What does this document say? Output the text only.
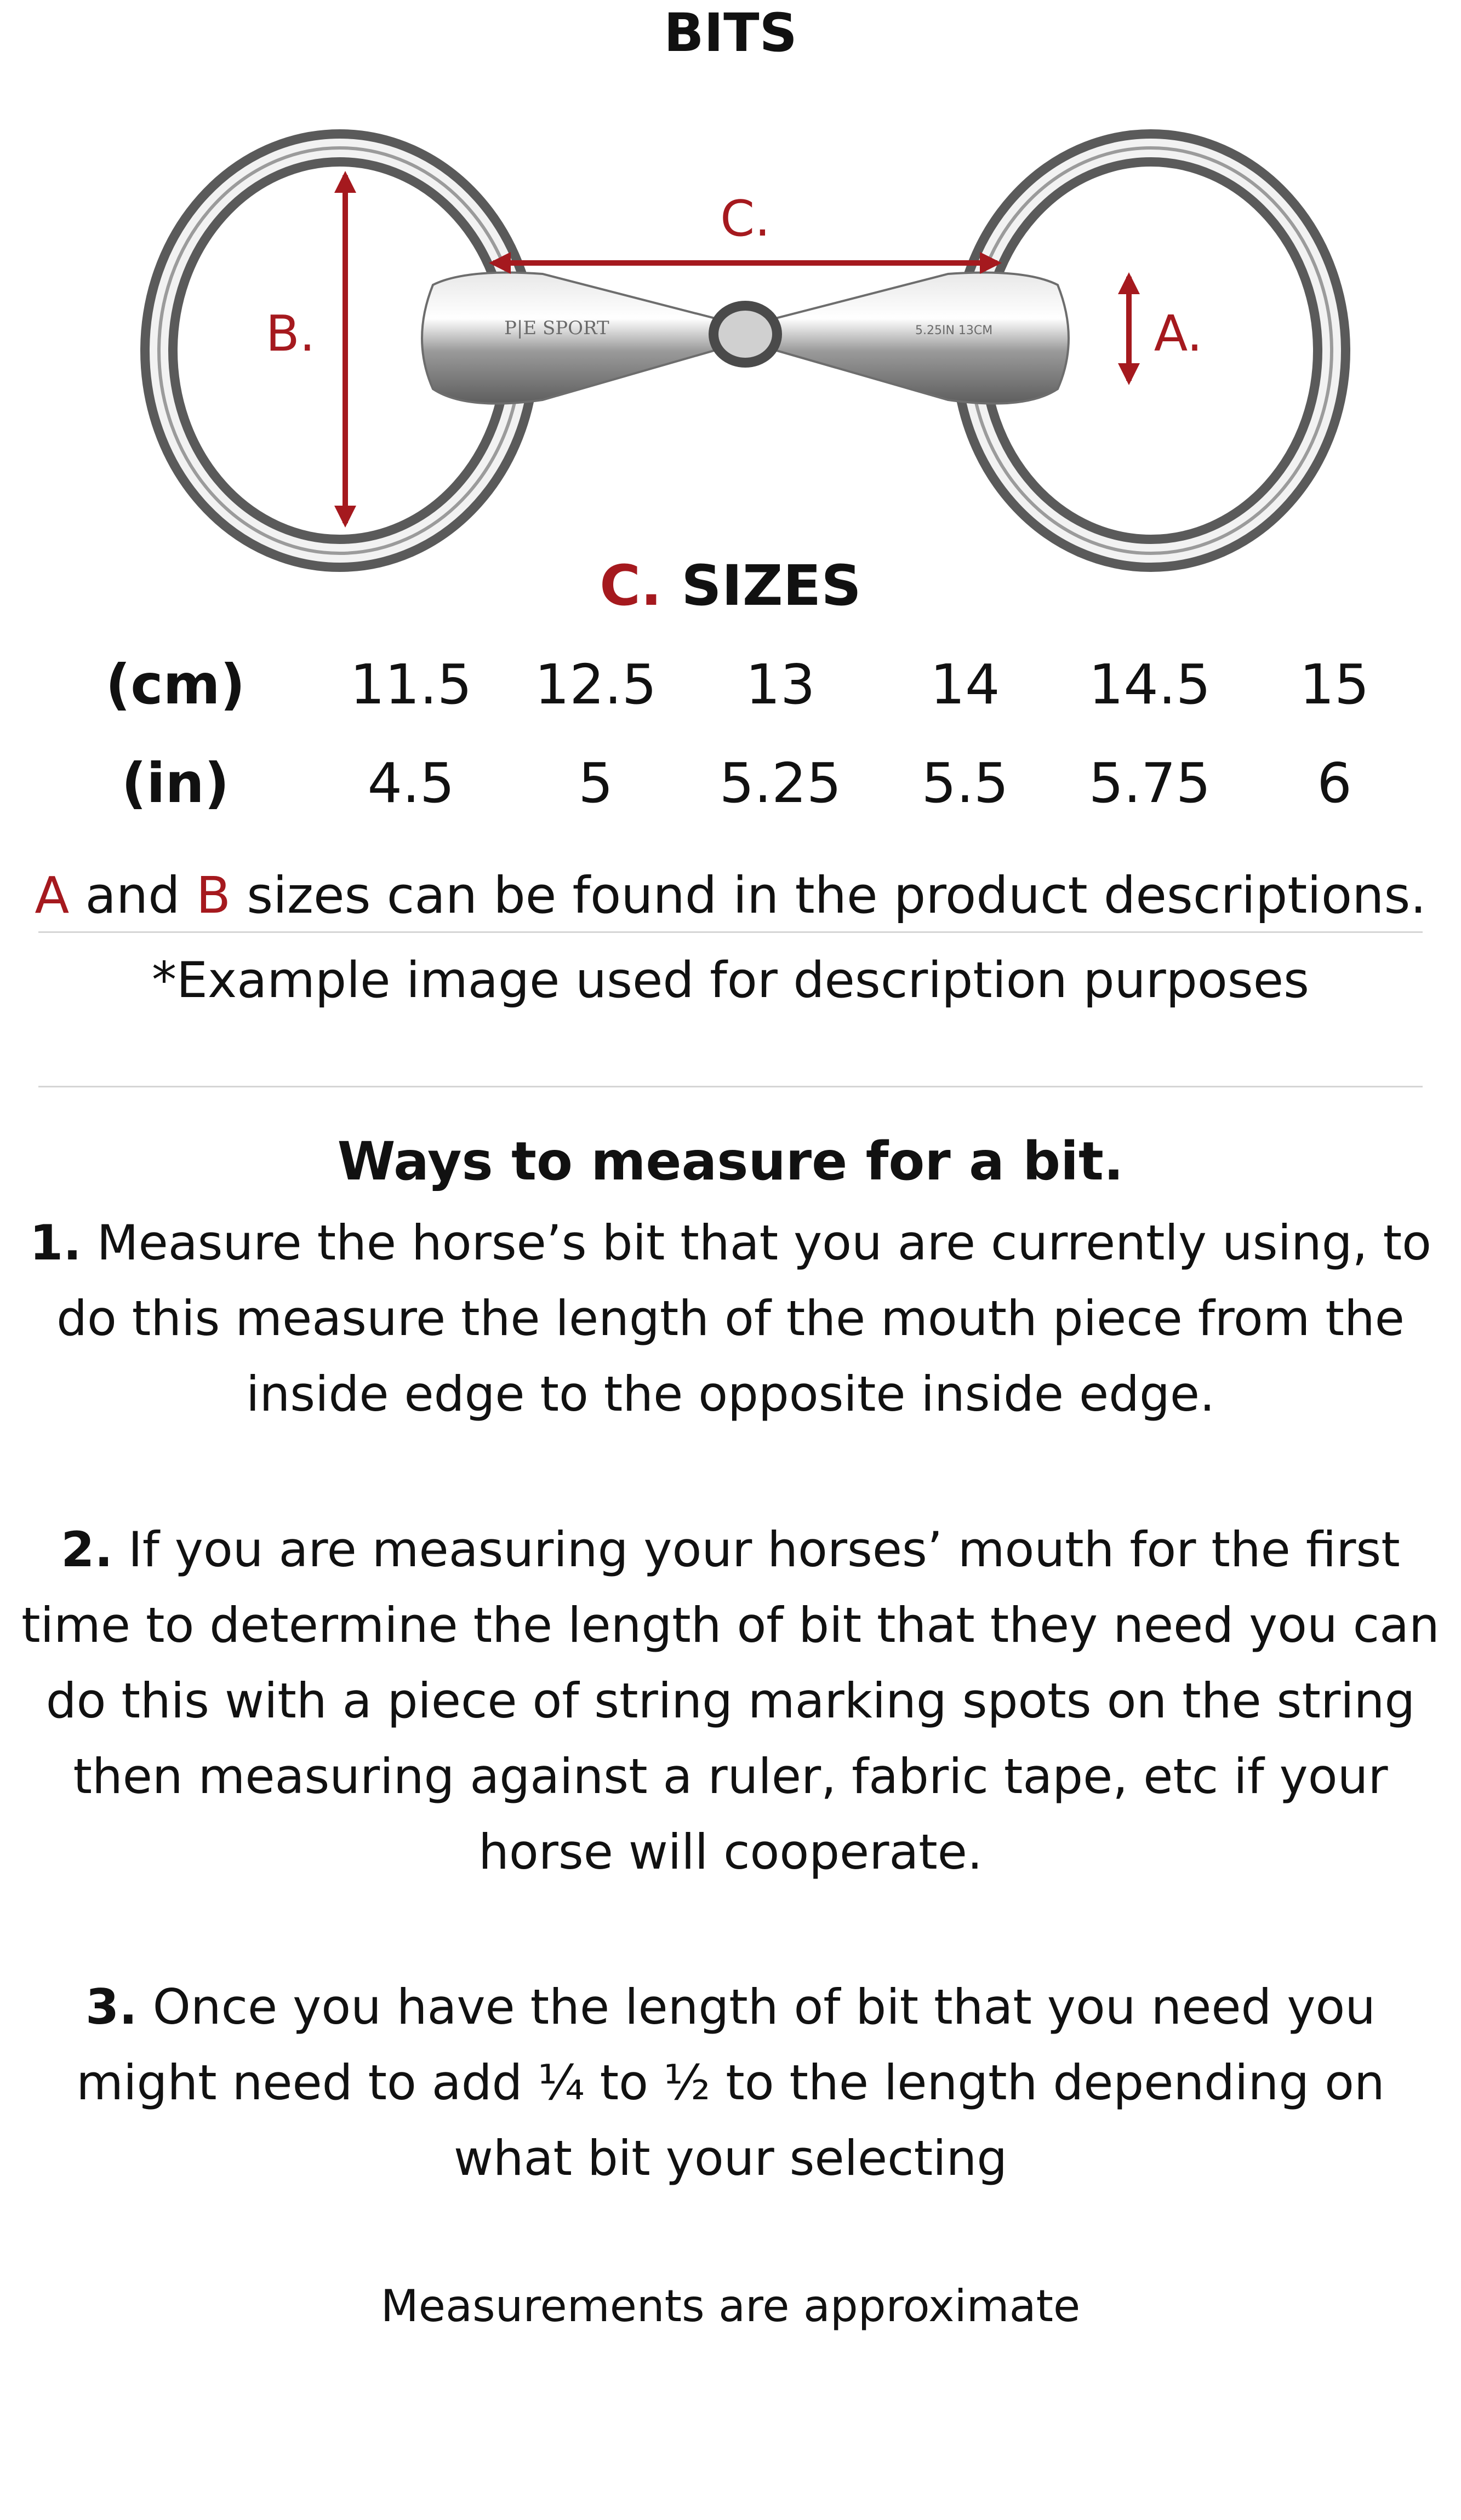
BITS
P|E SPORT	5.25IN 13CM
B.
C.
A.
C. SIZES
(cm)	11.5	12.5	13	14	14.5	15
(in)	4.5	5	5.25	5.5	5.75	6
A and B sizes can be found in the product descriptions.
*Example image used for description purposes
Ways to measure for a bit.
1. Measure the horse’s bit that you are currently using, to do this measure the length of the mouth piece from the inside edge to the opposite inside edge.
2. If you are measuring your horses’ mouth for the first time to determine the length of bit that they need you can do this with a piece of string marking spots on the string then measuring against a ruler, fabric tape, etc if your horse will cooperate.
3. Once you have the length of bit that you need you might need to add ¼ to ½ to the length depending on what bit your selecting
Measurements are approximate
